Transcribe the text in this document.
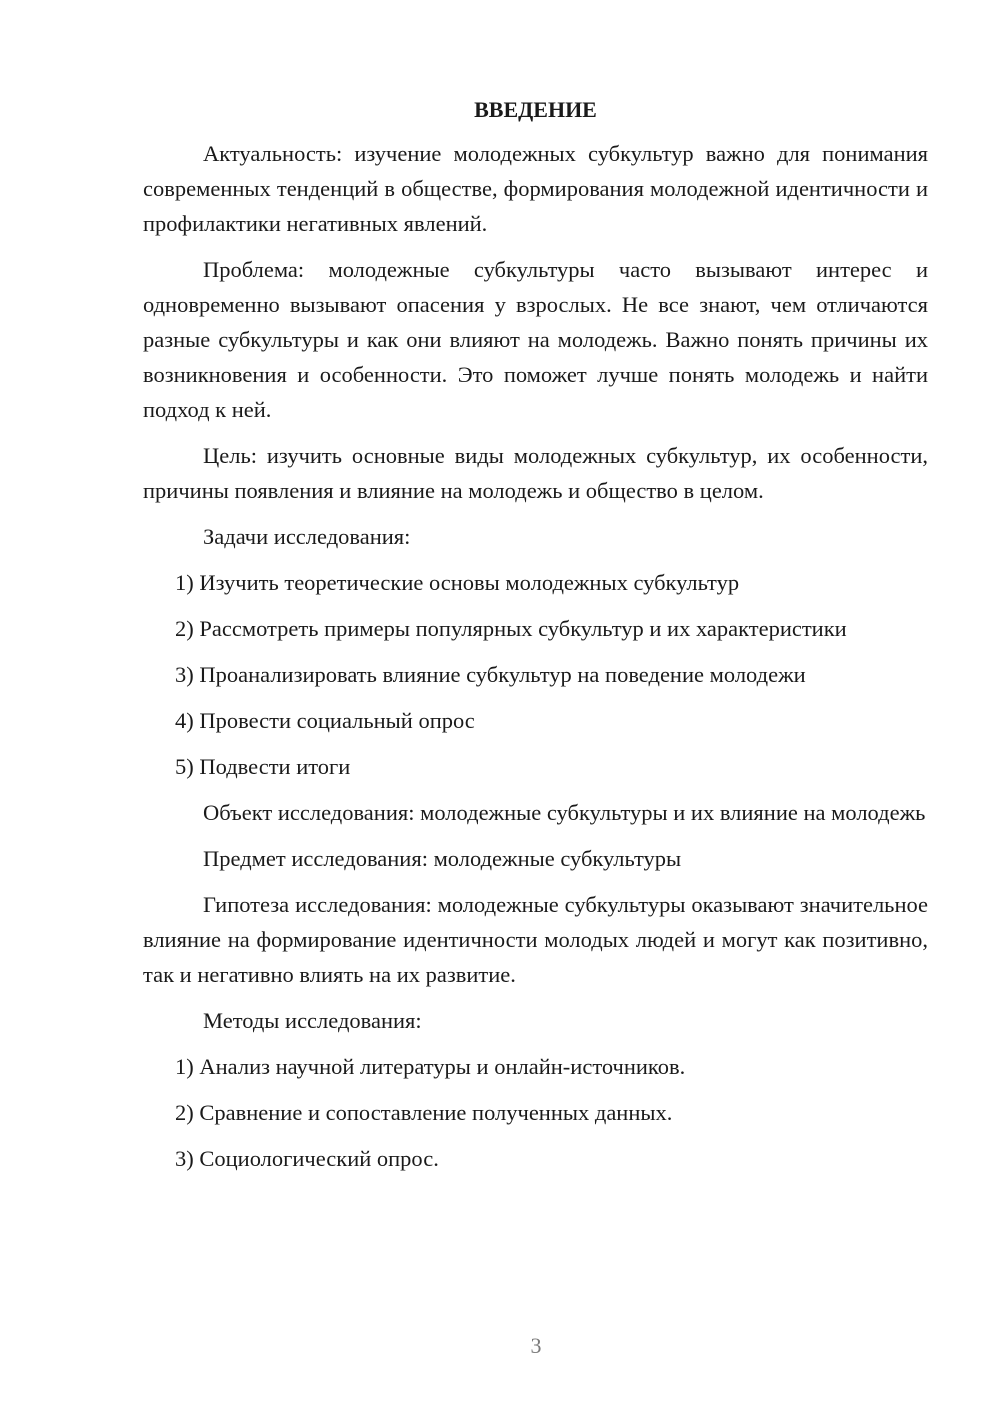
ВВЕДЕНИЕ
Актуальность: изучение молодежных субкультур важно для понимания современных тенденций в обществе, формирования молодежной идентичности и профилактики негативных явлений.
Проблема: молодежные субкультуры часто вызывают интерес и одновременно вызывают опасения у взрослых. Не все знают, чем отличаются разные субкультуры и как они влияют на молодежь. Важно понять причины их возникновения и особенности. Это поможет лучше понять молодежь и найти подход к ней.
Цель: изучить основные виды молодежных субкультур, их особенности, причины появления и влияние на молодежь и общество в целом.
Задачи исследования:
1) Изучить теоретические основы молодежных субкультур
2) Рассмотреть примеры популярных субкультур и их характеристики
3) Проанализировать влияние субкультур на поведение молодежи
4) Провести социальный опрос
5) Подвести итоги
Объект исследования: молодежные субкультуры и их влияние на молодежь
Предмет исследования: молодежные субкультуры
Гипотеза исследования: молодежные субкультуры оказывают значительное влияние на формирование идентичности молодых людей и могут как позитивно, так и негативно влиять на их развитие.
Методы исследования:
1) Анализ научной литературы и онлайн-источников.
2) Сравнение и сопоставление полученных данных.
3) Социологический опрос.
3
